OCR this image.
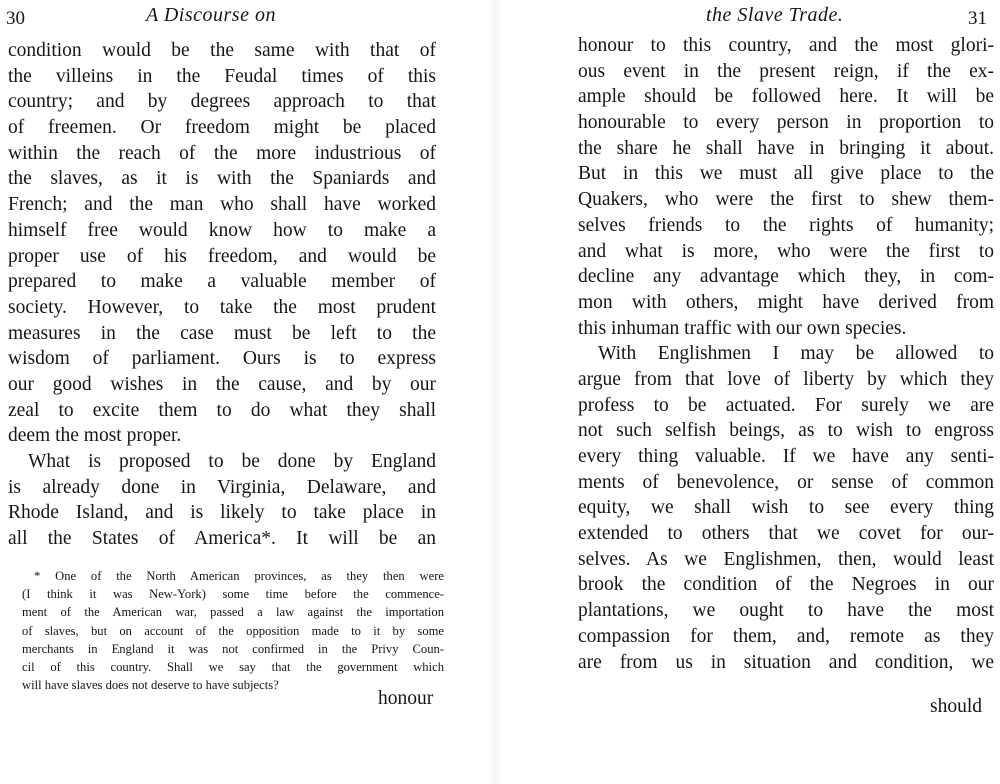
30	A Discourse on
condition would be the same with that of
the villeins in the Feudal times of this
country; and by degrees approach to that
of freemen. Or freedom might be placed
within the reach of the more industrious of
the slaves, as it is with the Spaniards and
French; and the man who shall have worked
himself free would know how to make a
proper use of his freedom, and would be
prepared to make a valuable member of
society. However, to take the most prudent
measures in the case must be left to the
wisdom of parliament. Ours is to express
our good wishes in the cause, and by our
zeal to excite them to do what they shall
deem the most proper.
What is proposed to be done by England
is already done in Virginia, Delaware, and
Rhode Island, and is likely to take place in
all the States of America*. It will be an
* One of the North American provinces, as they then were
(I think it was New-York) some time before the commence-
ment of the American war, passed a law against the importation
of slaves, but on account of the opposition made to it by some
merchants in England it was not confirmed in the Privy Coun-
cil of this country. Shall we say that the government which
will have slaves does not deserve to have subjects?
honour
the Slave Trade.	31
honour to this country, and the most glori-
ous event in the present reign, if the ex-
ample should be followed here. It will be
honourable to every person in proportion to
the share he shall have in bringing it about.
But in this we must all give place to the
Quakers, who were the first to shew them-
selves friends to the rights of humanity;
and what is more, who were the first to
decline any advantage which they, in com-
mon with others, might have derived from
this inhuman traffic with our own species.
With Englishmen I may be allowed to
argue from that love of liberty by which they
profess to be actuated. For surely we are
not such selfish beings, as to wish to engross
every thing valuable. If we have any senti-
ments of benevolence, or sense of common
equity, we shall wish to see every thing
extended to others that we covet for our-
selves. As we Englishmen, then, would least
brook the condition of the Negroes in our
plantations, we ought to have the most
compassion for them, and, remote as they
are from us in situation and condition, we
should
